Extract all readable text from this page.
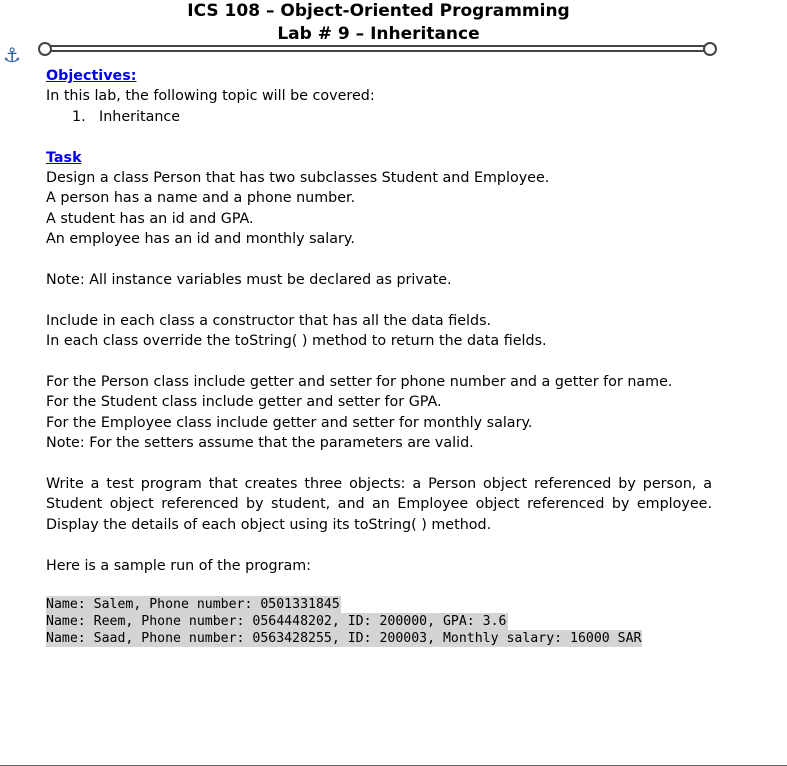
ICS 108 – Object-Oriented Programming
Lab # 9 – Inheritance
⚓

Objectives:

In this lab, the following topic will be covered:

1. Inheritance

Task

Design a class Person that has two subclasses Student and Employee.

A person has a name and a phone number.

A student has an id and GPA.

An employee has an id and monthly salary.

Note: All instance variables must be declared as private.

Include in each class a constructor that has all the data fields.

In each class override the toString( ) method to return the data fields.

For the Person class include getter and setter for phone number and a getter for name.

For the Student class include getter and setter for GPA.

For the Employee class include getter and setter for monthly salary.

Note: For the setters assume that the parameters are valid.

Write a test program that creates three objects: a Person object referenced by person, a Student object referenced by student, and an Employee object referenced by employee. Display the details of each object using its toString( ) method.

Here is a sample run of the program:

Name: Salem, Phone number: 0501331845
Name: Reem, Phone number: 0564448202, ID: 200000, GPA: 3.6
Name: Saad, Phone number: 0563428255, ID: 200003, Monthly salary: 16000 SAR
